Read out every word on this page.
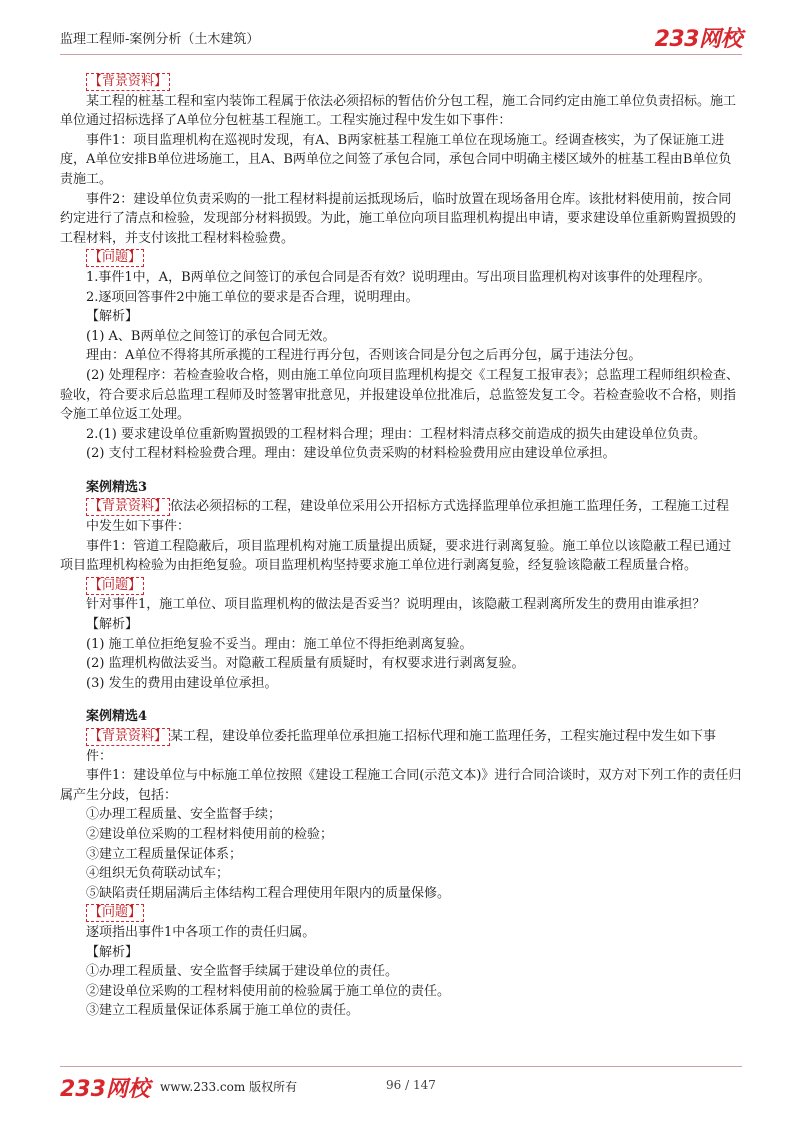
监理工程师-案例分析（土木建筑）	233网校

【背景资料】

某工程的桩基工程和室内装饰工程属于依法必须招标的暂估价分包工程，施工合同约定由施工单位负责招标。施工单位通过招标选择了A单位分包桩基工程施工。工程实施过程中发生如下事件：

事件1：项目监理机构在巡视时发现，有A、B两家桩基工程施工单位在现场施工。经调查核实，为了保证施工进度，A单位安排B单位进场施工，且A、B两单位之间签了承包合同，承包合同中明确主楼区域外的桩基工程由B单位负责施工。

事件2：建设单位负责采购的一批工程材料提前运抵现场后，临时放置在现场备用仓库。该批材料使用前，按合同约定进行了清点和检验，发现部分材料损毁。为此，施工单位向项目监理机构提出申请，要求建设单位重新购置损毁的工程材料，并支付该批工程材料检验费。

【问题】

1.事件1中，A，B两单位之间签订的承包合同是否有效？说明理由。写出项目监理机构对该事件的处理程序。

2.逐项回答事件2中施工单位的要求是否合理，说明理由。

【解析】

(1) A、B两单位之间签订的承包合同无效。

理由：A单位不得将其所承揽的工程进行再分包，否则该合同是分包之后再分包，属于违法分包。

(2) 处理程序：若检查验收合格，则由施工单位向项目监理机构提交《工程复工报审表》；总监理工程师组织检查、验收，符合要求后总监理工程师及时签署审批意见，并报建设单位批准后，总监签发复工令。若检查验收不合格，则指令施工单位返工处理。

2.(1) 要求建设单位重新购置损毁的工程材料合理；理由：工程材料清点移交前造成的损失由建设单位负责。

(2) 支付工程材料检验费合理。理由：建设单位负责采购的材料检验费用应由建设单位承担。

案例精选3

【背景资料】 依法必须招标的工程，建设单位采用公开招标方式选择监理单位承担施工监理任务，工程施工过程中发生如下事件：

事件1：管道工程隐蔽后，项目监理机构对施工质量提出质疑，要求进行剥离复验。施工单位以该隐蔽工程已通过项目监理机构检验为由拒绝复验。项目监理机构坚持要求施工单位进行剥离复验，经复验该隐蔽工程质量合格。

【问题】

针对事件1，施工单位、项目监理机构的做法是否妥当？说明理由，该隐蔽工程剥离所发生的费用由谁承担？

【解析】

(1) 施工单位拒绝复验不妥当。理由：施工单位不得拒绝剥离复验。

(2) 监理机构做法妥当。对隐蔽工程质量有质疑时，有权要求进行剥离复验。

(3) 发生的费用由建设单位承担。

案例精选4

【背景资料】 某工程，建设单位委托监理单位承担施工招标代理和施工监理任务，工程实施过程中发生如下事件：

事件1：建设单位与中标施工单位按照《建设工程施工合同(示范文本)》进行合同洽谈时，双方对下列工作的责任归属产生分歧，包括：

①办理工程质量、安全监督手续；

②建设单位采购的工程材料使用前的检验；

③建立工程质量保证体系；

④组织无负荷联动试车；

⑤缺陷责任期届满后主体结构工程合理使用年限内的质量保修。

【问题】

逐项指出事件1中各项工作的责任归属。

【解析】

①办理工程质量、安全监督手续属于建设单位的责任。

②建设单位采购的工程材料使用前的检验属于施工单位的责任。

③建立工程质量保证体系属于施工单位的责任。

233网校 www.233.com 版权所有	96 / 147
